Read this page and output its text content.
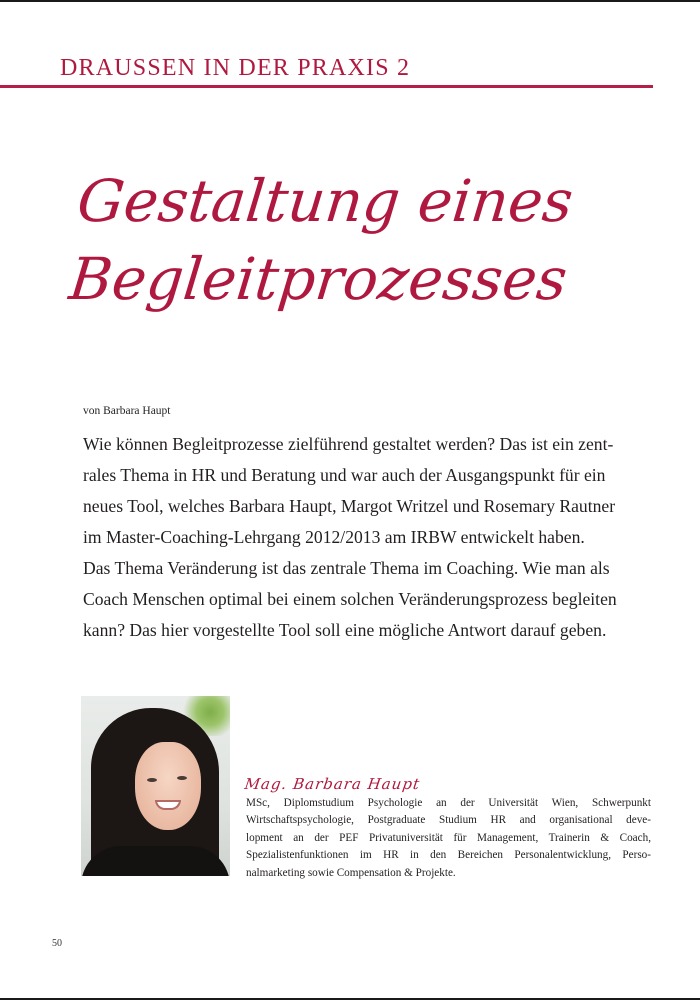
DRAUSSEN IN DER PRAXIS 2
Gestaltung eines
Begleitprozesses
von Barbara Haupt

Wie können Begleitprozesse zielführend gestaltet werden? Das ist ein zent-

rales Thema in HR und Beratung und war auch der Ausgangspunkt für ein

neues Tool, welches Barbara Haupt, Margot Writzel und Rosemary Rautner

im Master-Coaching-Lehrgang 2012/2013 am IRBW entwickelt haben.

Das Thema Veränderung ist das zentrale Thema im Coaching. Wie man als

Coach Menschen optimal bei einem solchen Veränderungsprozess begleiten

kann? Das hier vorgestellte Tool soll eine mögliche Antwort darauf geben.

Mag. Barbara Haupt

MSc, Diplomstudium Psychologie an der Universität Wien, Schwerpunkt

Wirtschaftspsychologie, Postgraduate Studium HR and organisational deve-

lopment an der PEF Privatuniversität für Management, Trainerin & Coach,

Spezialistenfunktionen im HR in den Bereichen Personalentwicklung, Perso-

nalmarketing sowie Compensation & Projekte.

50
